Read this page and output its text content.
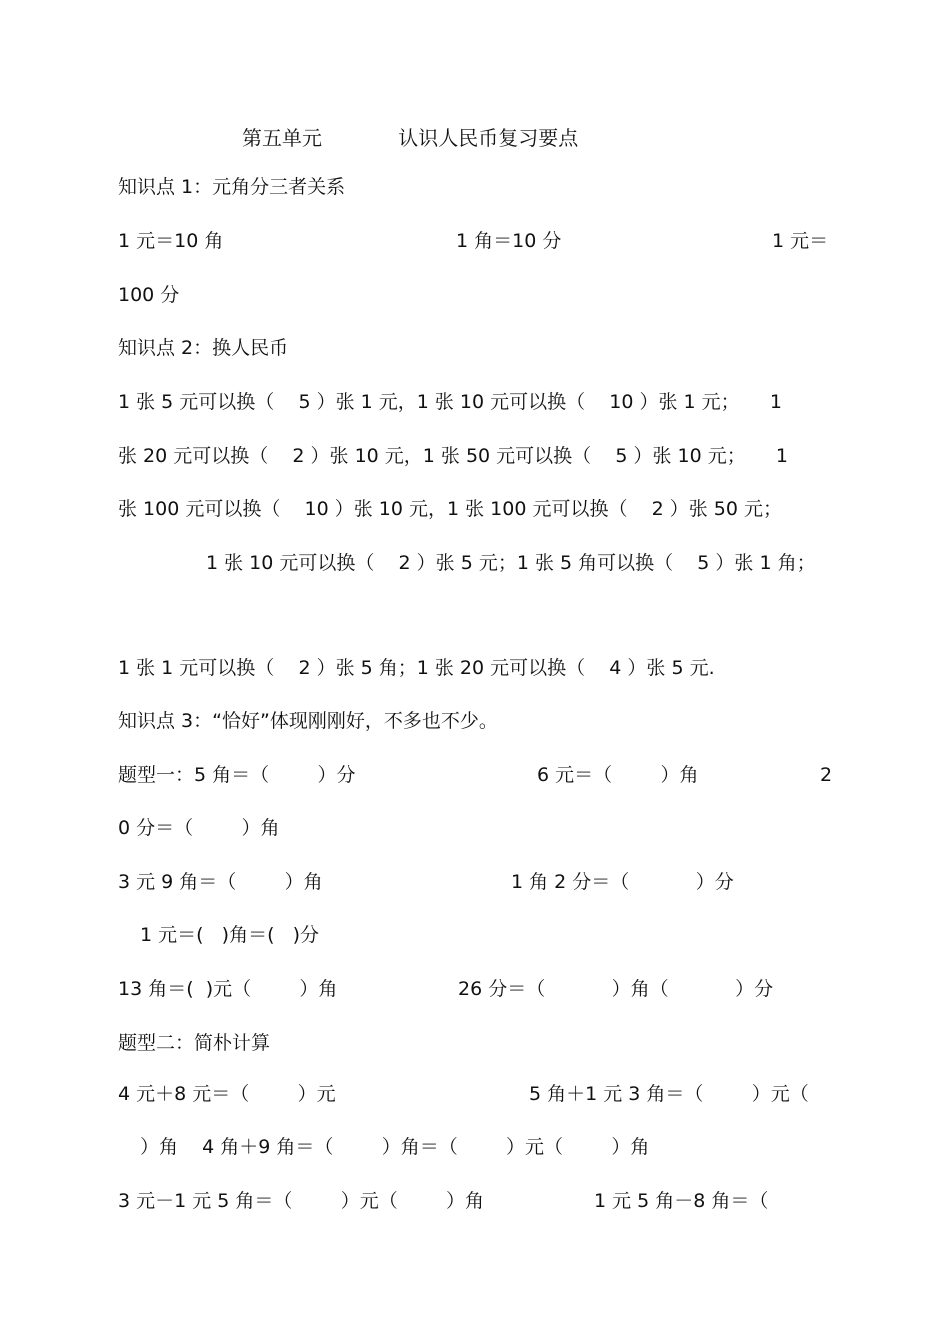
第五单元            认识人民币复习要点
知识点 1：元角分三者关系
1 元＝10 角	1 角＝10 分	1 元＝
100 分
知识点 2：换人民币
1 张 5 元可以换（    5 ）张 1 元，1 张 10 元可以换（    10 ）张 1 元；     1
张 20 元可以换（    2 ）张 10 元，1 张 50 元可以换（    5 ）张 10 元；     1
张 100 元可以换（    10 ）张 10 元，1 张 100 元可以换（    2 ）张 50 元；
1 张 10 元可以换（    2 ）张 5 元；1 张 5 角可以换（    5 ）张 1 角；
1 张 1 元可以换（    2 ）张 5 角；1 张 20 元可以换（    4 ）张 5 元.
知识点 3：“恰好”体现刚刚好，不多也不少。
题型一：5 角＝（        ）分	6 元＝（        ）角	2
0 分＝（        ）角
3 元 9 角＝（        ）角	1 角 2 分＝（           ）分
1 元＝(   )角＝(   )分
13 角＝(  )元（        ）角	26 分＝（           ）角（           ）分
题型二：简朴计算
4 元＋8 元＝（        ）元	5 角＋1 元 3 角＝（        ）元（
）角    4 角＋9 角＝（        ）角＝（        ）元（        ）角
3 元－1 元 5 角＝（        ）元（        ）角	1 元 5 角－8 角＝（
